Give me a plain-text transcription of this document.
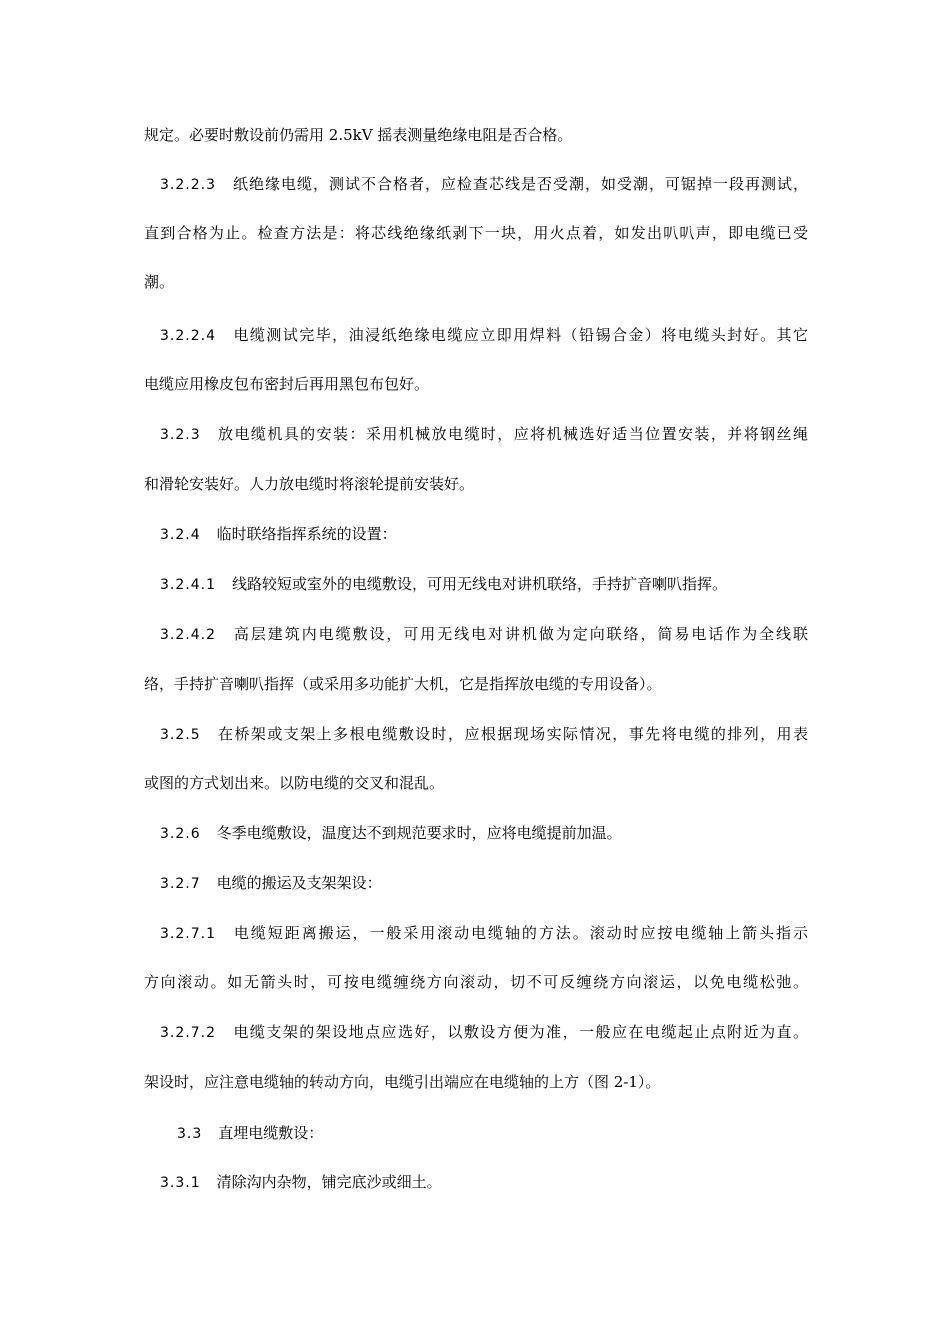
规定。必要时敷设前仍需用 2.5kV 摇表测量绝缘电阻是否合格。
3.2.2.3 纸绝缘电缆，测试不合格者，应检查芯线是否受潮，如受潮，可锯掉一段再测试，
直到合格为止。检查方法是：将芯线绝缘纸剥下一块，用火点着，如发出叭叭声，即电缆已受
潮。
3.2.2.4 电缆测试完毕，油浸纸绝缘电缆应立即用焊料（铅锡合金）将电缆头封好。其它
电缆应用橡皮包布密封后再用黑包布包好。
3.2.3 放电缆机具的安装：采用机械放电缆时，应将机械选好适当位置安装，并将钢丝绳
和滑轮安装好。人力放电缆时将滚轮提前安装好。
3.2.4 临时联络指挥系统的设置：
3.2.4.1 线路较短或室外的电缆敷设，可用无线电对讲机联络，手持扩音喇叭指挥。
3.2.4.2 高层建筑内电缆敷设，可用无线电对讲机做为定向联络，简易电话作为全线联
络，手持扩音喇叭指挥（或采用多功能扩大机，它是指挥放电缆的专用设备）。
3.2.5 在桥架或支架上多根电缆敷设时，应根据现场实际情况，事先将电缆的排列，用表
或图的方式划出来。以防电缆的交叉和混乱。
3.2.6 冬季电缆敷设，温度达不到规范要求时，应将电缆提前加温。
3.2.7 电缆的搬运及支架架设：
3.2.7.1 电缆短距离搬运，一般采用滚动电缆轴的方法。滚动时应按电缆轴上箭头指示
方向滚动。如无箭头时，可按电缆缠绕方向滚动，切不可反缠绕方向滚运，以免电缆松弛。
3.2.7.2 电缆支架的架设地点应选好，以敷设方便为准，一般应在电缆起止点附近为直。
架设时，应注意电缆轴的转动方向，电缆引出端应在电缆轴的上方（图 2-1）。
3.3 直埋电缆敷设：
3.3.1 清除沟内杂物，铺完底沙或细土。
